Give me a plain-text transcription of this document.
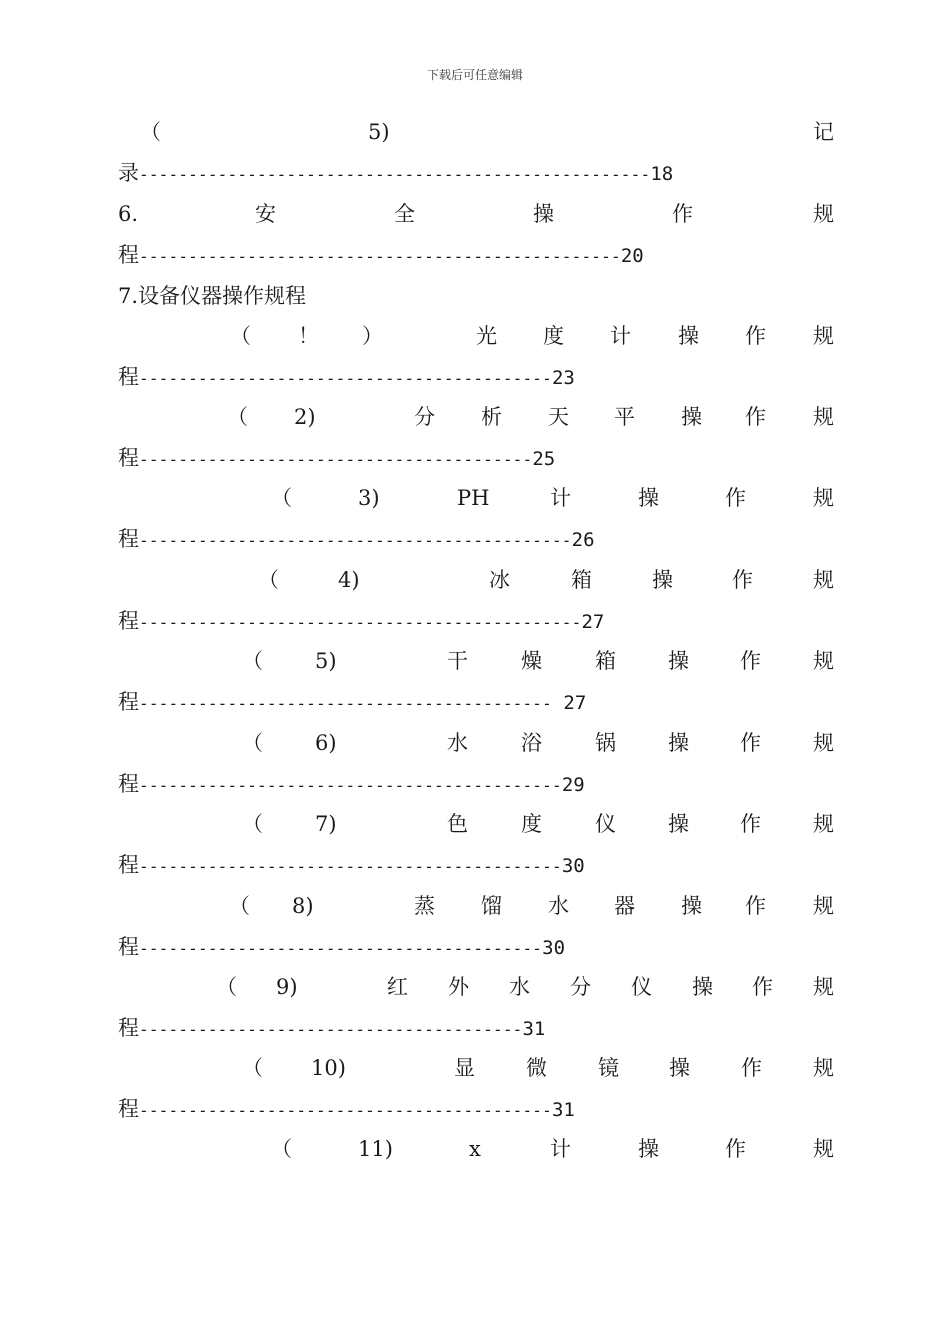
下载后可任意编辑
（	5)	记
录----------------------------------------------------18
6.	安	全	操	作	规
程-------------------------------------------------20
7.设备仪器操作规程
（ ！ ）	光 度 计 操 作 规
程------------------------------------------23
（ 2)	分 析 天 平 操 作 规
程----------------------------------------25
（	3)	PH	计	操	作	规
程--------------------------------------------26
（	4)	冰	箱	操	作	规
程---------------------------------------------27
（ 5)	干	燥	箱 操 作 规
程------------------------------------------ 27
（ 6)	水	浴	锅 操 作 规
程-------------------------------------------29
（ 7)	色	度	仪 操 作 规
程-------------------------------------------30
（ 8)	蒸 馏 水 器 操 作 规
程-----------------------------------------30
（ 9)	红 外 水 分 仪 操 作 规
程---------------------------------------31
（ 10)	显 微 镜 操 作 规
程------------------------------------------31
（	11)	x	计	操	作	规
